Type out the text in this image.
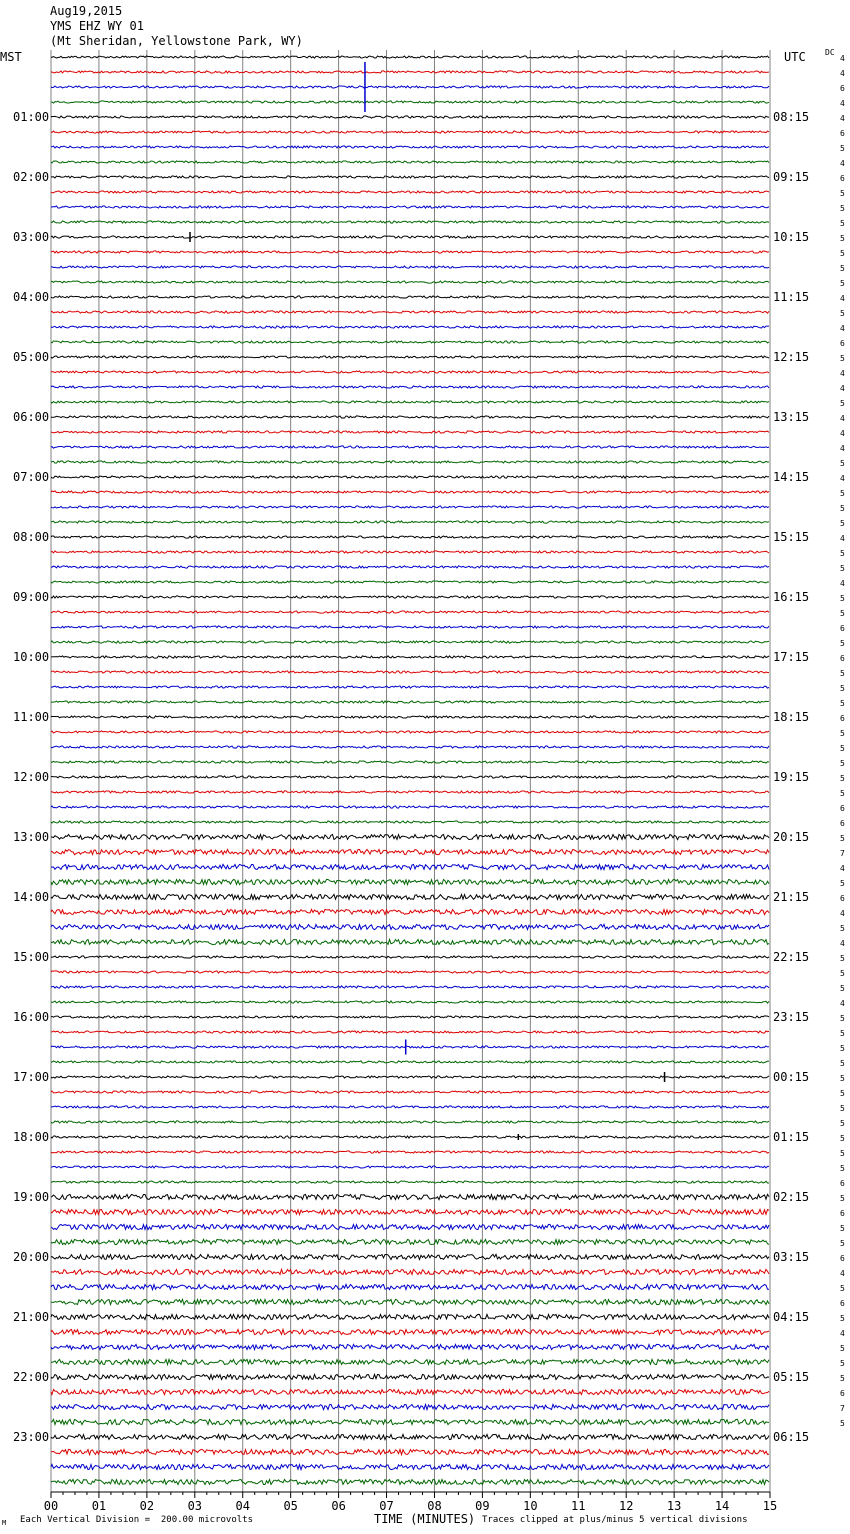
Aug19,2015
YMS EHZ WY 01
(Mt Sheridan, Yellowstone Park, WY)
MST	UTC DC
01:00
02:00
03:00
04:00
05:00
06:00
07:00
08:00
09:00
10:00
11:00
12:00
13:00
14:00
15:00
16:00
17:00
18:00
19:00
20:00
21:00
22:00
23:00
08:15
09:15
10:15
11:15
12:15
13:15
14:15
15:15
16:15
17:15
18:15
19:15
20:15
21:15
22:15
23:15
00:15
01:15
02:15
03:15
04:15
05:15
06:15
4
4
6
4
4
6
5
4
6
5
5
5
5
5
5
5
4
5
4
6
5
4
4
5
4
4
4
5
4
5
5
5
4
5
5
4
5
5
6
5
6
5
5
5
6
5
5
5
5
5
6
6
5
7
4
5
6
4
5
4
5
5
5
4
5
5
5
5
5
5
5
5
5
5
5
6
5
6
5
5
6
4
5
6
5
4
5
5
5
6
7
5
00	01	02	03	04	05	06	07	08	09	10	11	12	13	14	15
M Each Vertical Division =  200.00 microvolts	TIME (MINUTES) Traces clipped at plus/minus 5 vertical divisions
